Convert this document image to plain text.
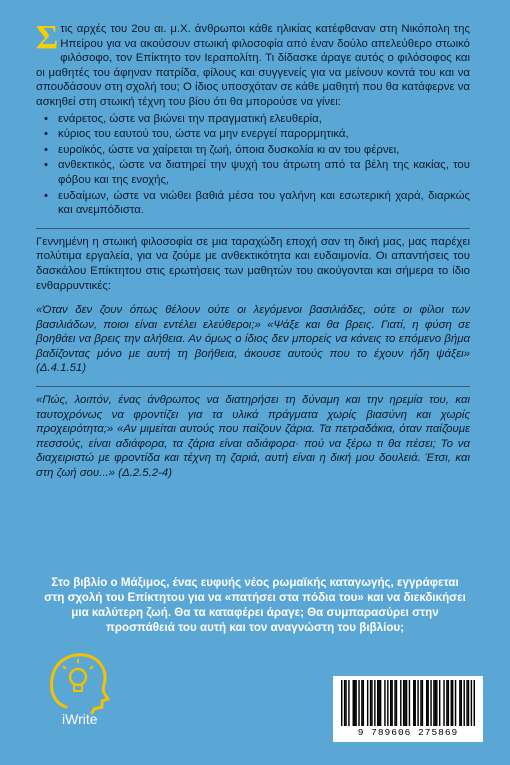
Στις αρχές του 2ου αι. μ.Χ. άνθρωποι κάθε ηλικίας κατέφθαναν στη Νικόπολη της Ηπείρου για να ακούσουν στωική φιλοσοφία από έναν δούλο απελεύθερο στωικό φιλόσοφο, τον Επίκτητο τον Ιεραπολίτη. Τι δίδασκε άραγε αυτός ο φιλόσοφος και οι μαθητές του άφηναν πατρίδα, φίλους και συγγενείς για να μείνουν κοντά του και να σπουδάσουν στη σχολή του; Ο ίδιος υποσχόταν σε κάθε μαθητή που θα κατάφερνε να ασκηθεί στη στωική τέχνη του βίου ότι θα μπορούσε να γίνει:

• ενάρετος, ώστε να βιώνει την πραγματική ελευθερία,
• κύριος του εαυτού του, ώστε να μην ενεργεί παρορμητικά,
• ευροϊκός, ώστε να χαίρεται τη ζωή, όποια δυσκολία κι αν του φέρνει,
• ανθεκτικός, ώστε να διατηρεί την ψυχή του άτρωτη από τα βέλη της κακίας, του φόβου και της ενοχής,
• ευδαίμων, ώστε να νιώθει βαθιά μέσα του γαλήνη και εσωτερική χαρά, διαρκώς και ανεμπόδιστα.

Γεννημένη η στωική φιλοσοφία σε μια ταραχώδη εποχή σαν τη δική μας, μας παρέχει πολύτιμα εργαλεία, για να ζούμε με ανθεκτικότητα και ευδαιμονία. Οι απαντήσεις του δασκάλου Επίκτητου στις ερωτήσεις των μαθητών του ακούγονται και σήμερα το ίδιο ενθαρρυντικές:

«Όταν δεν ζουν όπως θέλουν ούτε οι λεγόμενοι βασιλιάδες, ούτε οι φίλοι των βασιλιάδων, ποιοι είναι εντέλει ελεύθεροι;» «Ψάξε και θα βρεις. Γιατί, η φύση σε βοηθάει να βρεις την αλήθεια. Αν όμως ο ίδιος δεν μπορείς να κάνεις το επόμενο βήμα βαδίζοντας μόνο με αυτή τη βοήθεια, άκουσε αυτούς που το έχουν ήδη ψάξει» (Δ.4.1.51)

«Πώς, λοιπόν, ένας άνθρωπος να διατηρήσει τη δύναμη και την ηρεμία του, και ταυτοχρόνως να φροντίζει για τα υλικά πράγματα χωρίς βιασύνη και χωρίς προχειρότητα;» «Αν μιμείται αυτούς που παίζουν ζάρια. Τα πετραδάκια, όταν παίζουμε πεσσούς, είναι αδιάφορα, τα ζάρια είναι αδιάφορα· πού να ξέρω τι θα πέσει; Το να διαχειριστώ με φροντίδα και τέχνη τη ζαριά, αυτή είναι η δική μου δουλειά. Έτσι, και στη ζωή σου...» (Δ.2.5.2-4)

Στο βιβλίο ο Μάξιμος, ένας ευφυής νέος ρωμαϊκής καταγωγής, εγγράφεται στη σχολή του Επίκτητου για να «πατήσει στα πόδια του» και να διεκδικήσει μια καλύτερη ζωή. Θα τα καταφέρει άραγε; Θα συμπαρασύρει στην προσπάθειά του αυτή και τον αναγνώστη του βιβλίου;
iWrite
9 789606 275869
